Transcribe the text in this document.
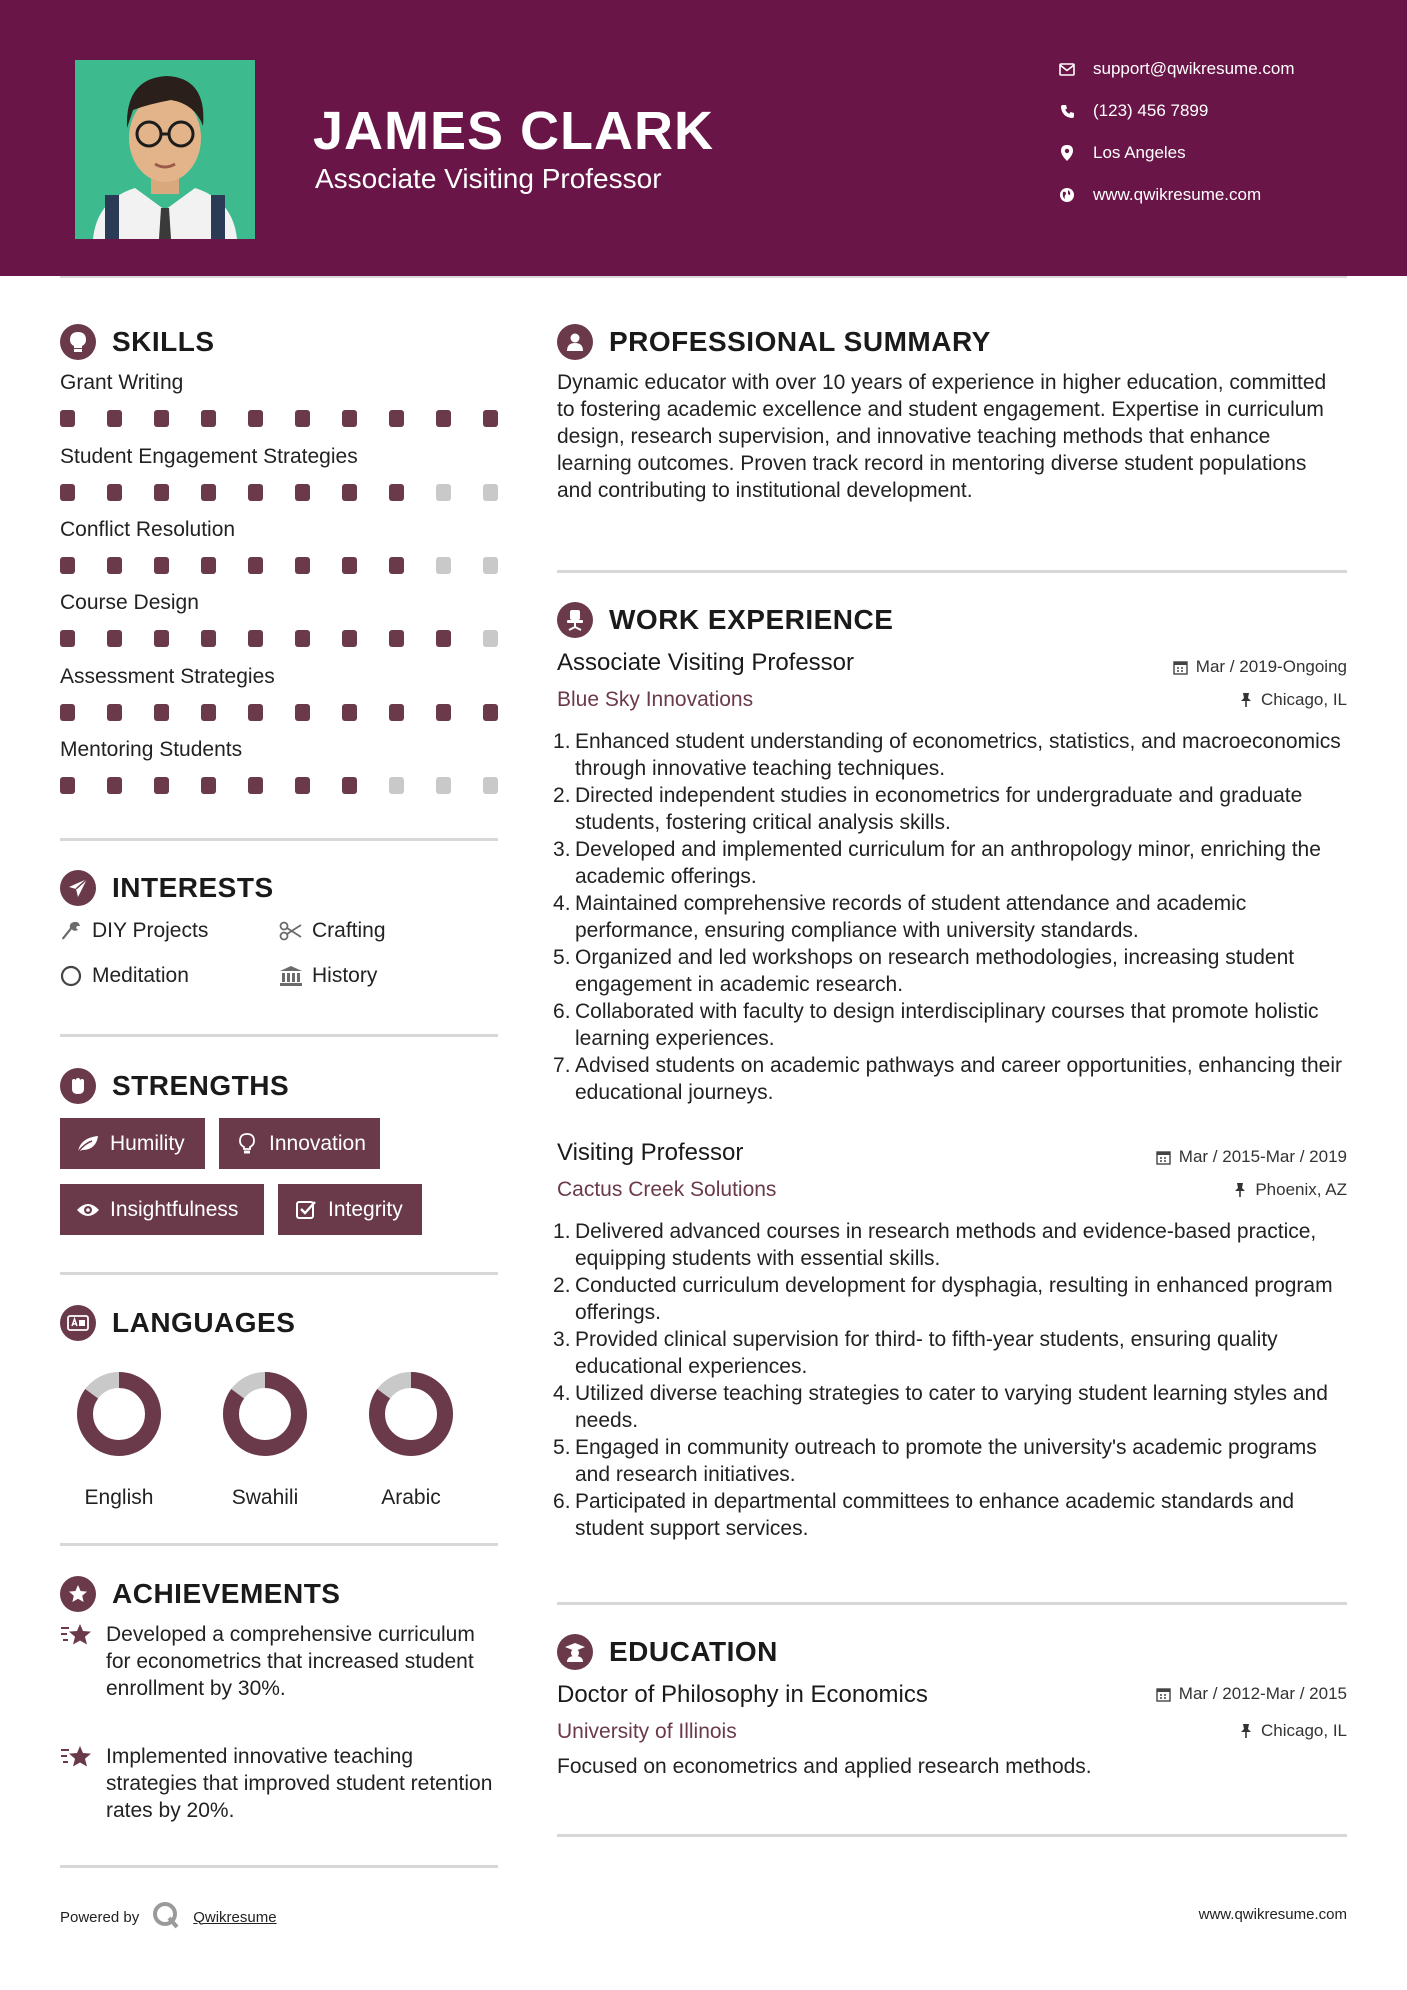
JAMES CLARK
Associate Visiting Professor
support@qwikresume.com
(123) 456 7899
Los Angeles
www.qwikresume.com
SKILLS
Grant Writing
Student Engagement Strategies
Conflict Resolution
Course Design
Assessment Strategies
Mentoring Students
INTERESTS
DIY Projects	Crafting
Meditation	History
STRENGTHS
Humility	Innovation
Insightfulness	Integrity
LANGUAGES
English	Swahili	Arabic
ACHIEVEMENTS
Developed a comprehensive curriculum for econometrics that increased student enrollment by 30%.
Implemented innovative teaching strategies that improved student retention rates by 20%.
PROFESSIONAL SUMMARY
Dynamic educator with over 10 years of experience in higher education, committed to fostering academic excellence and student engagement. Expertise in curriculum design, research supervision, and innovative teaching methods that enhance learning outcomes. Proven track record in mentoring diverse student populations and contributing to institutional development.
WORK EXPERIENCE
Associate Visiting Professor	Mar / 2019-Ongoing
Blue Sky Innovations	Chicago, IL
Enhanced student understanding of econometrics, statistics, and macroeconomics through innovative teaching techniques.
Directed independent studies in econometrics for undergraduate and graduate students, fostering critical analysis skills.
Developed and implemented curriculum for an anthropology minor, enriching the academic offerings.
Maintained comprehensive records of student attendance and academic performance, ensuring compliance with university standards.
Organized and led workshops on research methodologies, increasing student engagement in academic research.
Collaborated with faculty to design interdisciplinary courses that promote holistic learning experiences.
Advised students on academic pathways and career opportunities, enhancing their educational journeys.
Visiting Professor	Mar / 2015-Mar / 2019
Cactus Creek Solutions	Phoenix, AZ
Delivered advanced courses in research methods and evidence-based practice, equipping students with essential skills.
Conducted curriculum development for dysphagia, resulting in enhanced program offerings.
Provided clinical supervision for third- to fifth-year students, ensuring quality educational experiences.
Utilized diverse teaching strategies to cater to varying student learning styles and needs.
Engaged in community outreach to promote the university's academic programs and research initiatives.
Participated in departmental committees to enhance academic standards and student support services.
EDUCATION
Doctor of Philosophy in Economics	Mar / 2012-Mar / 2015
University of Illinois	Chicago, IL
Focused on econometrics and applied research methods.
Powered by	Qwikresume	www.qwikresume.com
